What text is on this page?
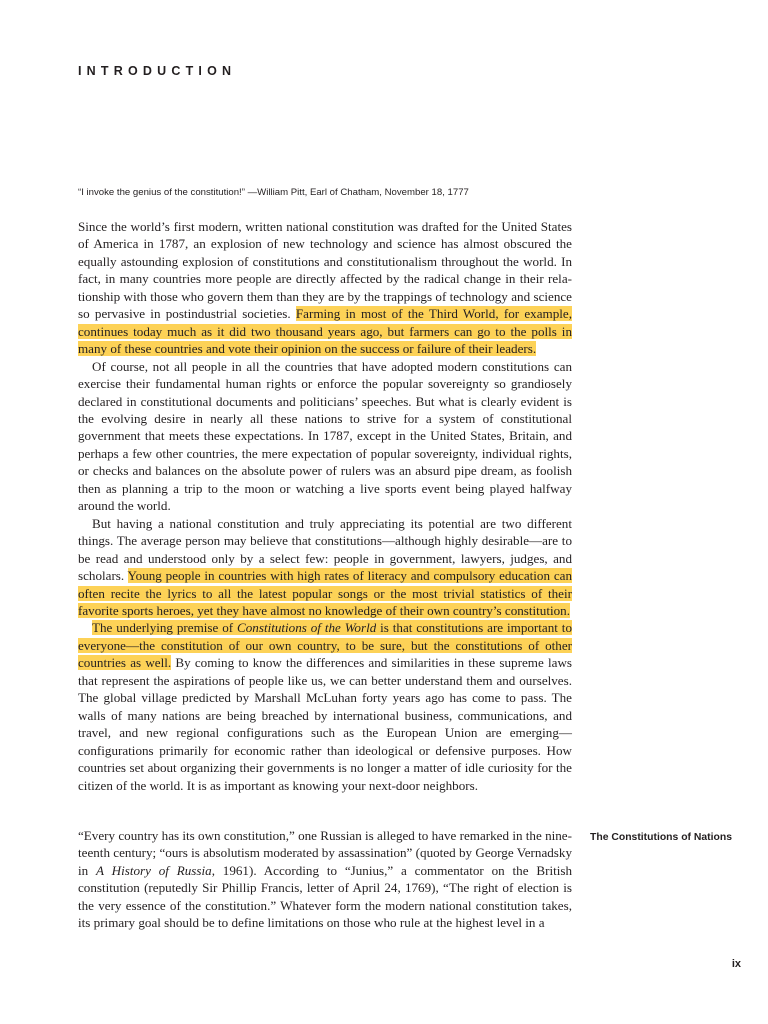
INTRODUCTION
“I invoke the genius of the constitution!” —William Pitt, Earl of Chatham, November 18, 1777

Since the world’s first modern, written national constitution was drafted for the United States of America in 1787, an explosion of new technology and science has almost obscured the equally astounding explosion of constitutions and constitutionalism throughout the world. In fact, in many countries more people are directly affected by the radical change in their relationship with those who govern them than they are by the trappings of technology and science so pervasive in postindustrial societies. Farming in most of the Third World, for example, continues today much as it did two thousand years ago, but farmers can go to the polls in many of these countries and vote their opinion on the success or failure of their leaders.

Of course, not all people in all the countries that have adopted modern constitutions can exercise their fundamental human rights or enforce the popular sovereignty so grandiosely declared in constitutional documents and politicians’ speeches. But what is clearly evident is the evolving desire in nearly all these nations to strive for a system of constitutional government that meets these expectations. In 1787, except in the United States, Britain, and perhaps a few other countries, the mere expectation of popular sovereignty, individual rights, or checks and balances on the absolute power of rulers was an absurd pipe dream, as foolish then as planning a trip to the moon or watching a live sports event being played halfway around the world.

But having a national constitution and truly appreciating its potential are two different things. The average person may believe that constitutions—although highly desirable—are to be read and understood only by a select few: people in government, lawyers, judges, and scholars. Young people in countries with high rates of literacy and compulsory education can often recite the lyrics to all the latest popular songs or the most trivial statistics of their favorite sports heroes, yet they have almost no knowledge of their own country’s constitution.

The underlying premise of Constitutions of the World is that constitutions are important to everyone—the constitution of our own country, to be sure, but the constitutions of other countries as well. By coming to know the differences and similarities in these supreme laws that represent the aspirations of people like us, we can better understand them and ourselves. The global village predicted by Marshall McLuhan forty years ago has come to pass. The walls of many nations are being breached by international business, communications, and travel, and new regional configurations such as the European Union are emerging—configurations primarily for economic rather than ideological or defensive purposes. How countries set about organizing their governments is no longer a matter of idle curiosity for the citizen of the world. It is as important as knowing your next-door neighbors.

The Constitutions of Nations

“Every country has its own constitution,” one Russian is alleged to have remarked in the nineteenth century; “ours is absolutism moderated by assassination” (quoted by George Vernadsky in A History of Russia, 1961). According to “Junius,” a commentator on the British constitution (reputedly Sir Phillip Francis, letter of April 24, 1769), “The right of election is the very essence of the constitution.” Whatever form the modern national constitution takes, its primary goal should be to define limitations on those who rule at the highest level in a

ix
